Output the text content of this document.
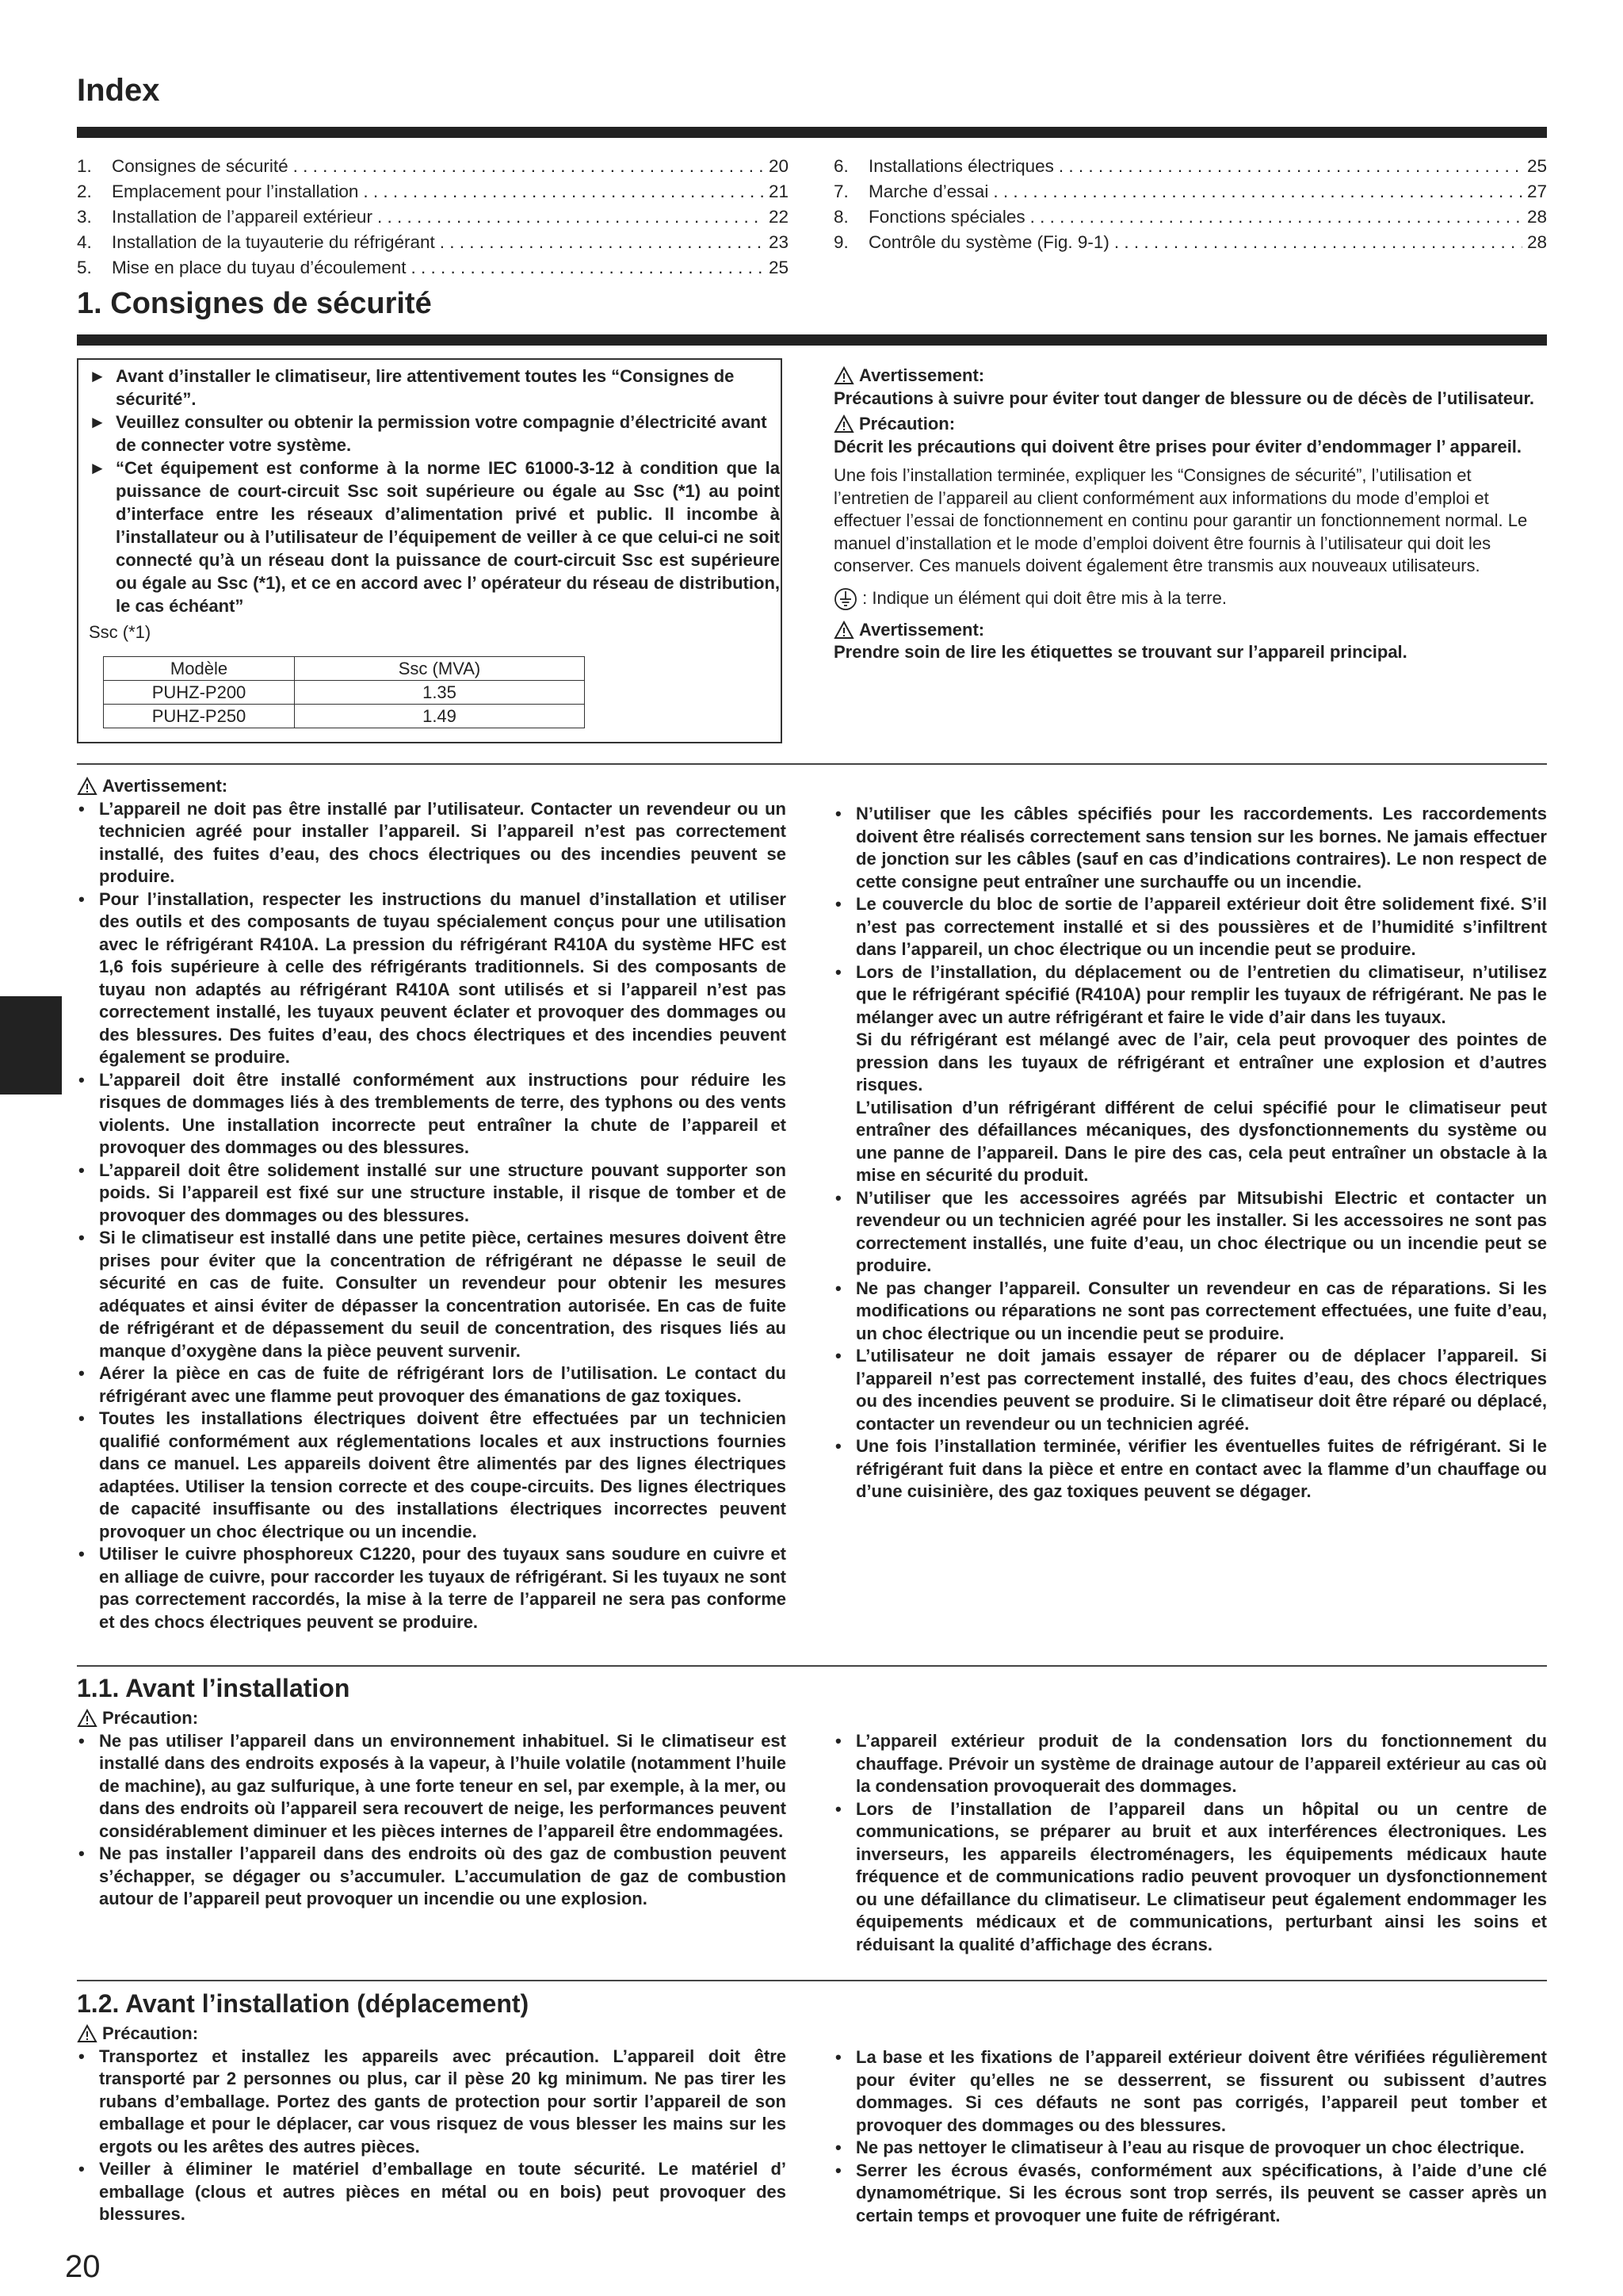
Index
1.	Consignes de sécurité . . .	20
2.	Emplacement pour l’installation . . .	21
3.	Installation de l’appareil extérieur . . .	22
4.	Installation de la tuyauterie du réfrigérant . . .	23
5.	Mise en place du tuyau d’écoulement . . .	25
6.	Installations électriques . . .	25
7.	Marche d’essai . . .	27
8.	Fonctions spéciales . . .	28
9.	Contrôle du système (Fig. 9-1) . . .	28
1. Consignes de sécurité
► Avant d’installer le climatiseur, lire attentivement toutes les “Consignes de sécurité”.
► Veuillez consulter ou obtenir la permission votre compagnie d’électricité avant de connecter votre système.
► “Cet équipement est conforme à la norme IEC 61000-3-12 à condition que la puissance de court-circuit Ssc soit supérieure ou égale au Ssc (*1) au point d’interface entre les réseaux d’alimentation privé et public. Il incombe à l’installateur ou à l’utilisateur de l’équipement de veiller à ce que celui-ci ne soit connecté qu’à un réseau dont la puissance de court-circuit Ssc est supérieure ou égale au Ssc (*1), et ce en accord avec l’ opérateur du réseau de distribution, le cas échéant”
Ssc (*1)
Modèle	Ssc (MVA)
PUHZ-P200	1.35
PUHZ-P250	1.49
Avertissement:

Précautions à suivre pour éviter tout danger de blessure ou de décès de l’utilisateur.

Précaution:

Décrit les précautions qui doivent être prises pour éviter d’endommager l’ appareil.

Une fois l’installation terminée, expliquer les “Consignes de sécurité”, l’utilisation et l’entretien de l’appareil au client conformément aux informations du mode d’emploi et effectuer l’essai de fonctionnement en continu pour garantir un fonctionnement normal. Le manuel d’installation et le mode d’emploi doivent être fournis à l’utilisateur qui doit les conserver. Ces manuels doivent également être transmis aux nouveaux utilisateurs.

: Indique un élément qui doit être mis à la terre.

Avertissement:

Prendre soin de lire les étiquettes se trouvant sur l’appareil principal.

Avertissement:
• L’appareil ne doit pas être installé par l’utilisateur. Contacter un revendeur ou un technicien agréé pour installer l’appareil. Si l’appareil n’est pas correctement installé, des fuites d’eau, des chocs électriques ou des incendies peuvent se produire.
• Pour l’installation, respecter les instructions du manuel d’installation et utiliser des outils et des composants de tuyau spécialement conçus pour une utilisation avec le réfrigérant R410A. La pression du réfrigérant R410A du système HFC est 1,6 fois supérieure à celle des réfrigérants traditionnels. Si des composants de tuyau non adaptés au réfrigérant R410A sont utilisés et si l’appareil n’est pas correctement installé, les tuyaux peuvent éclater et provoquer des dommages ou des blessures. Des fuites d’eau, des chocs électriques et des incendies peuvent également se produire.
• L’appareil doit être installé conformément aux instructions pour réduire les risques de dommages liés à des tremblements de terre, des typhons ou des vents violents. Une installation incorrecte peut entraîner la chute de l’appareil et provoquer des dommages ou des blessures.
• L’appareil doit être solidement installé sur une structure pouvant supporter son poids. Si l’appareil est fixé sur une structure instable, il risque de tomber et de provoquer des dommages ou des blessures.
• Si le climatiseur est installé dans une petite pièce, certaines mesures doivent être prises pour éviter que la concentration de réfrigérant ne dépasse le seuil de sécurité en cas de fuite. Consulter un revendeur pour obtenir les mesures adéquates et ainsi éviter de dépasser la concentration autorisée. En cas de fuite de réfrigérant et de dépassement du seuil de concentration, des risques liés au manque d’oxygène dans la pièce peuvent survenir.
• Aérer la pièce en cas de fuite de réfrigérant lors de l’utilisation. Le contact du réfrigérant avec une flamme peut provoquer des émanations de gaz toxiques.
• Toutes les installations électriques doivent être effectuées par un technicien qualifié conformément aux réglementations locales et aux instructions fournies dans ce manuel. Les appareils doivent être alimentés par des lignes électriques adaptées. Utiliser la tension correcte et des coupe-circuits. Des lignes électriques de capacité insuffisante ou des installations électriques incorrectes peuvent provoquer un choc électrique ou un incendie.
• Utiliser le cuivre phosphoreux C1220, pour des tuyaux sans soudure en cuivre et en alliage de cuivre, pour raccorder les tuyaux de réfrigérant. Si les tuyaux ne sont pas correctement raccordés, la mise à la terre de l’appareil ne sera pas conforme et des chocs électriques peuvent se produire.
• N’utiliser que les câbles spécifiés pour les raccordements. Les raccordements doivent être réalisés correctement sans tension sur les bornes. Ne jamais effectuer de jonction sur les câbles (sauf en cas d’indications contraires). Le non respect de cette consigne peut entraîner une surchauffe ou un incendie.
• Le couvercle du bloc de sortie de l’appareil extérieur doit être solidement fixé. S’il n’est pas correctement installé et si des poussières et de l’humidité s’infiltrent dans l’appareil, un choc électrique ou un incendie peut se produire.
• Lors de l’installation, du déplacement ou de l’entretien du climatiseur, n’utilisez que le réfrigérant spécifié (R410A) pour remplir les tuyaux de réfrigérant. Ne pas le mélanger avec un autre réfrigérant et faire le vide d’air dans les tuyaux.
Si du réfrigérant est mélangé avec de l’air, cela peut provoquer des pointes de pression dans les tuyaux de réfrigérant et entraîner une explosion et d’autres risques.
L’utilisation d’un réfrigérant différent de celui spécifié pour le climatiseur peut entraîner des défaillances mécaniques, des dysfonctionnements du système ou une panne de l’appareil. Dans le pire des cas, cela peut entraîner un obstacle à la mise en sécurité du produit.
• N’utiliser que les accessoires agréés par Mitsubishi Electric et contacter un revendeur ou un technicien agréé pour les installer. Si les accessoires ne sont pas correctement installés, une fuite d’eau, un choc électrique ou un incendie peut se produire.
• Ne pas changer l’appareil. Consulter un revendeur en cas de réparations. Si les modifications ou réparations ne sont pas correctement effectuées, une fuite d’eau, un choc électrique ou un incendie peut se produire.
• L’utilisateur ne doit jamais essayer de réparer ou de déplacer l’appareil. Si l’appareil n’est pas correctement installé, des fuites d’eau, des chocs électriques ou des incendies peuvent se produire. Si le climatiseur doit être réparé ou déplacé, contacter un revendeur ou un technicien agréé.
• Une fois l’installation terminée, vérifier les éventuelles fuites de réfrigérant. Si le réfrigérant fuit dans la pièce et entre en contact avec la flamme d’un chauffage ou d’une cuisinière, des gaz toxiques peuvent se dégager.
1.1. Avant l’installation
Précaution:
• Ne pas utiliser l’appareil dans un environnement inhabituel. Si le climatiseur est installé dans des endroits exposés à la vapeur, à l’huile volatile (notamment l’huile de machine), au gaz sulfurique, à une forte teneur en sel, par exemple, à la mer, ou dans des endroits où l’appareil sera recouvert de neige, les performances peuvent considérablement diminuer et les pièces internes de l’appareil être endommagées.
• Ne pas installer l’appareil dans des endroits où des gaz de combustion peuvent s’échapper, se dégager ou s’accumuler. L’accumulation de gaz de combustion autour de l’appareil peut provoquer un incendie ou une explosion.
• L’appareil extérieur produit de la condensation lors du fonctionnement du chauffage. Prévoir un système de drainage autour de l’appareil extérieur au cas où la condensation provoquerait des dommages.
• Lors de l’installation de l’appareil dans un hôpital ou un centre de communications, se préparer au bruit et aux interférences électroniques. Les inverseurs, les appareils électroménagers, les équipements médicaux haute fréquence et de communications radio peuvent provoquer un dysfonctionnement ou une défaillance du climatiseur. Le climatiseur peut également endommager les équipements médicaux et de communications, perturbant ainsi les soins et réduisant la qualité d’affichage des écrans.
1.2. Avant l’installation (déplacement)
Précaution:
• Transportez et installez les appareils avec précaution. L’appareil doit être transporté par 2 personnes ou plus, car il pèse 20 kg minimum. Ne pas tirer les rubans d’emballage. Portez des gants de protection pour sortir l’appareil de son emballage et pour le déplacer, car vous risquez de vous blesser les mains sur les ergots ou les arêtes des autres pièces.
• Veiller à éliminer le matériel d’emballage en toute sécurité. Le matériel d’ emballage (clous et autres pièces en métal ou en bois) peut provoquer des blessures.
• La base et les fixations de l’appareil extérieur doivent être vérifiées régulièrement pour éviter qu’elles ne se desserrent, se fissurent ou subissent d’autres dommages. Si ces défauts ne sont pas corrigés, l’appareil peut tomber et provoquer des dommages ou des blessures.
• Ne pas nettoyer le climatiseur à l’eau au risque de provoquer un choc électrique.
• Serrer les écrous évasés, conformément aux spécifications, à l’aide d’une clé dynamométrique. Si les écrous sont trop serrés, ils peuvent se casser après un certain temps et provoquer une fuite de réfrigérant.
20
